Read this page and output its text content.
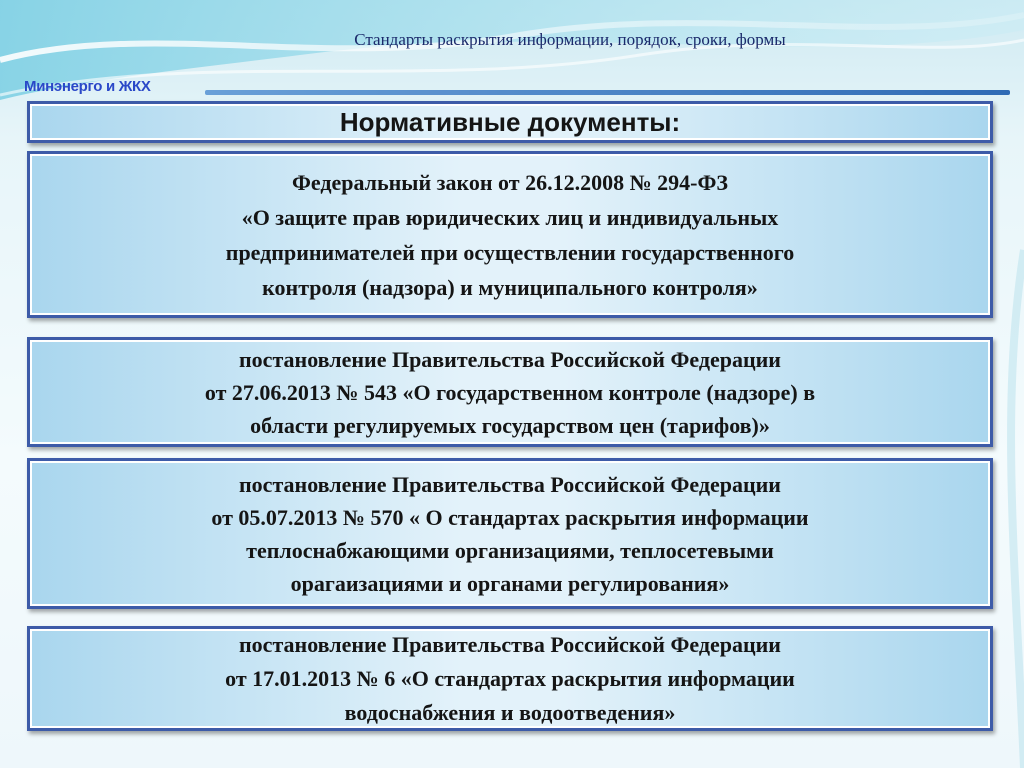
Стандарты раскрытия информации, порядок, сроки, формы
Минэнерго и ЖКХ
Нормативные документы:
Федеральный закон от 26.12.2008 № 294-ФЗ
«О защите прав юридических лиц и индивидуальных
предпринимателей при осуществлении государственного
контроля (надзора) и муниципального контроля»
постановление Правительства Российской Федерации
от 27.06.2013 № 543 «О государственном контроле (надзоре) в
области регулируемых государством цен (тарифов)»
постановление Правительства Российской Федерации
от 05.07.2013 № 570 « О стандартах раскрытия информации
теплоснабжающими организациями, теплосетевыми
орагаизациями и органами регулирования»
постановление Правительства Российской Федерации
от 17.01.2013 № 6 «О стандартах раскрытия информации
водоснабжения и водоотведения»
